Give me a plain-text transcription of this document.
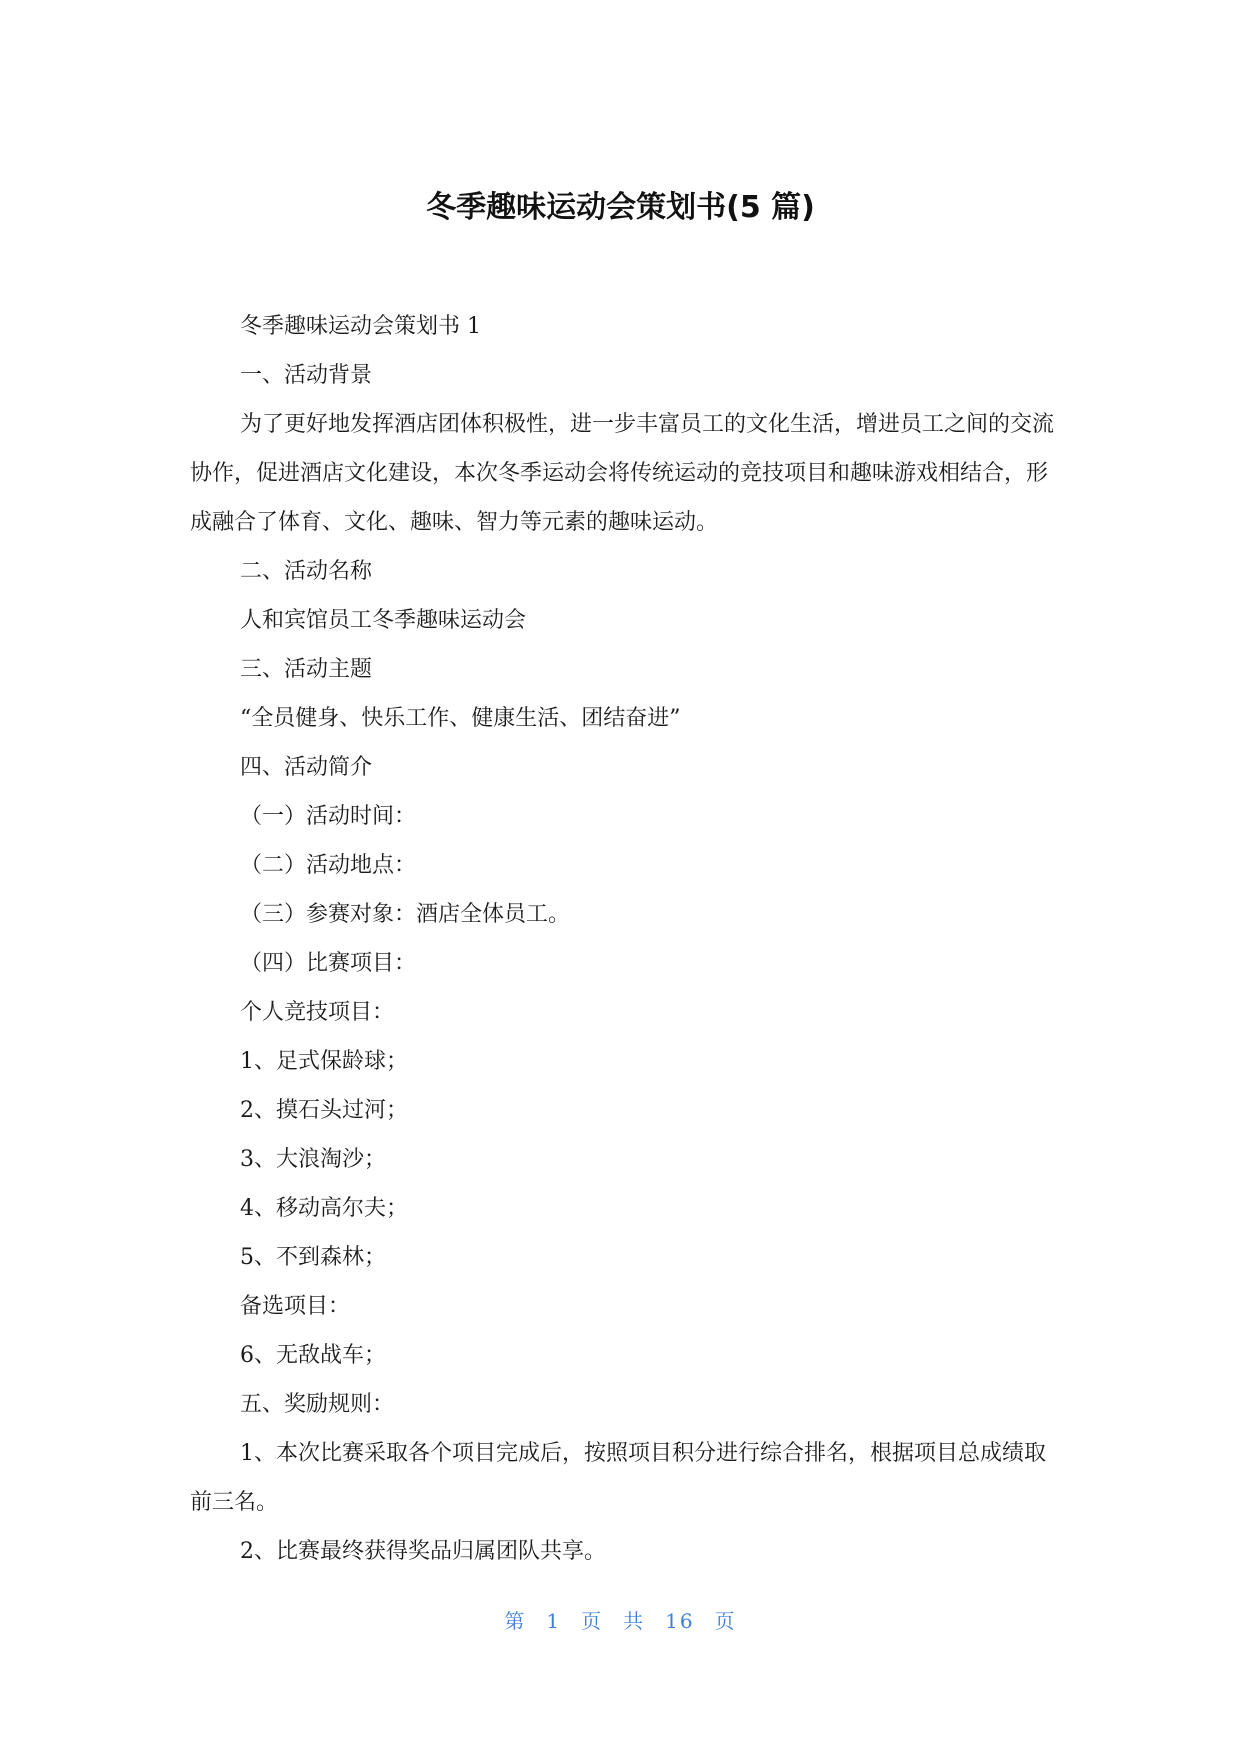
冬季趣味运动会策划书(5 篇)

冬季趣味运动会策划书 1

一、活动背景

为了更好地发挥酒店团体积极性，进一步丰富员工的文化生活，增进员工之间的交流协作，促进酒店文化建设，本次冬季运动会将传统运动的竞技项目和趣味游戏相结合，形成融合了体育、文化、趣味、智力等元素的趣味运动。

二、活动名称

人和宾馆员工冬季趣味运动会

三、活动主题

“全员健身、快乐工作、健康生活、团结奋进”

四、活动简介

（一）活动时间：

（二）活动地点：

（三）参赛对象：酒店全体员工。

（四）比赛项目：

个人竞技项目：

1、足式保龄球；

2、摸石头过河；

3、大浪淘沙；

4、移动高尔夫；

5、不到森林；

备选项目：

6、无敌战车；

五、奖励规则：

1、本次比赛采取各个项目完成后，按照项目积分进行综合排名，根据项目总成绩取前三名。

2、比赛最终获得奖品归属团队共享。

第 1 页 共 16 页
